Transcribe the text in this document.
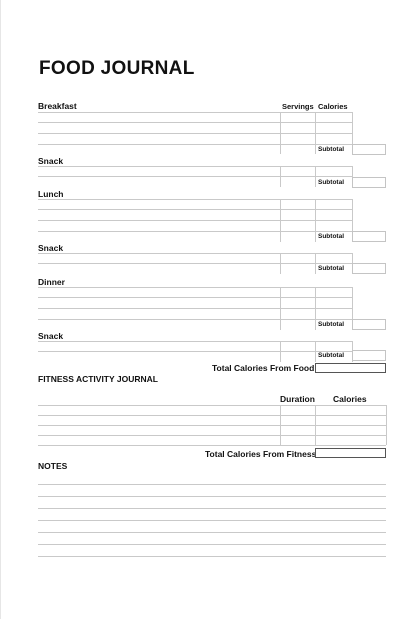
FOOD JOURNAL
Servings Calories
Breakfast
Snack
Lunch
Snack
Dinner
Snack
Subtotal
Subtotal
Subtotal
Subtotal
Subtotal
Subtotal
Total Calories From Food
FITNESS ACTIVITY JOURNAL
Duration Calories
Total Calories From Fitness
NOTES
